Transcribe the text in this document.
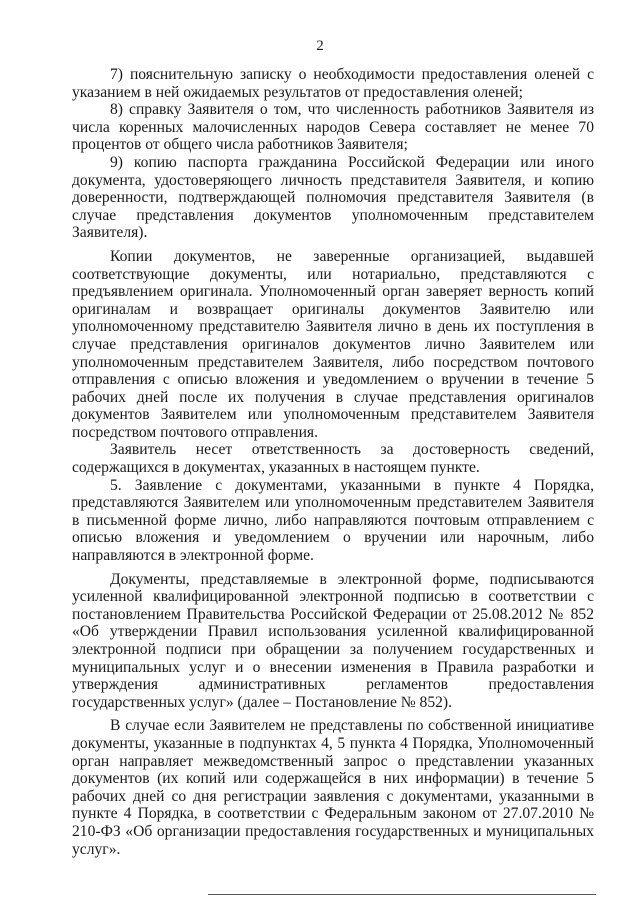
2

7) пояснительную записку о необходимости предоставления оленей с указанием в ней ожидаемых результатов от предоставления оленей;

8) справку Заявителя о том, что численность работников Заявителя из числа коренных малочисленных народов Севера составляет не менее 70 процентов от общего числа работников Заявителя;

9) копию паспорта гражданина Российской Федерации или иного документа, удостоверяющего личность представителя Заявителя, и копию доверенности, подтверждающей полномочия представителя Заявителя (в случае представления документов уполномоченным представителем Заявителя).

Копии документов, не заверенные организацией, выдавшей соответствующие документы, или нотариально, представляются с предъявлением оригинала. Уполномоченный орган заверяет верность копий оригиналам и возвращает оригиналы документов Заявителю или уполномоченному представителю Заявителя лично в день их поступления в случае представления оригиналов документов лично Заявителем или уполномоченным представителем Заявителя, либо посредством почтового отправления с описью вложения и уведомлением о вручении в течение 5 рабочих дней после их получения в случае представления оригиналов документов Заявителем или уполномоченным представителем Заявителя посредством почтового отправления.

Заявитель несет ответственность за достоверность сведений, содержащихся в документах, указанных в настоящем пункте.

5. Заявление с документами, указанными в пункте 4 Порядка, представляются Заявителем или уполномоченным представителем Заявителя в письменной форме лично, либо направляются почтовым отправлением с описью вложения и уведомлением о вручении или нарочным, либо направляются в электронной форме.

Документы, представляемые в электронной форме, подписываются усиленной квалифицированной электронной подписью в соответствии с постановлением Правительства Российской Федерации от 25.08.2012 № 852 «Об утверждении Правил использования усиленной квалифицированной электронной подписи при обращении за получением государственных и муниципальных услуг и о внесении изменения в Правила разработки и утверждения административных регламентов предоставления государственных услуг» (далее – Постановление № 852).

В случае если Заявителем не представлены по собственной инициативе документы, указанные в подпунктах 4, 5 пункта 4 Порядка, Уполномоченный орган направляет межведомственный запрос о представлении указанных документов (их копий или содержащейся в них информации) в течение 5 рабочих дней со дня регистрации заявления с документами, указанными в пункте 4 Порядка, в соответствии с Федеральным законом от 27.07.2010 № 210-ФЗ «Об организации предоставления государственных и муниципальных услуг».
